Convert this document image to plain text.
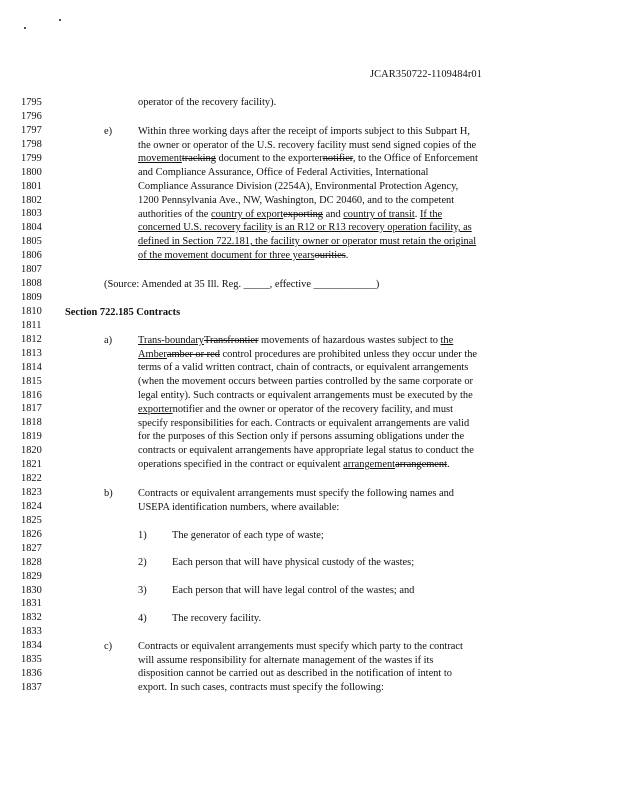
JCAR350722-1109484r01
1795
1796
1797
1798
1799
1800
1801
1802
1803
1804
1805
1806
1807
1808
1809
1810
1811
1812
1813
1814
1815
1816
1817
1818
1819
1820
1821
1822
1823
1824
1825
1826
1827
1828
1829
1830
1831
1832
1833
1834
1835
1836
1837
operator of the recovery facility).
e) Within three working days after the receipt of imports subject to this Subpart H,
the owner or operator of the U.S. recovery facility must send signed copies of the
movementtracking document to the exporternotifier, to the Office of Enforcement
and Compliance Assurance, Office of Federal Activities, International
Compliance Assurance Division (2254A), Environmental Protection Agency,
1200 Pennsylvania Ave., NW, Washington, DC 20460, and to the competent
authorities of the country of exportexporting and country of transit. If the
concerned U.S. recovery facility is an R12 or R13 recovery operation facility, as
defined in Section 722.181, the facility owner or operator must retain the original
of the movement document for three yearsourities.
(Source: Amended at 35 Ill. Reg. _____, effective ____________)
Section 722.185 Contracts
a) Trans-boundaryTransfrontier movements of hazardous wastes subject to the
Amberamber or red control procedures are prohibited unless they occur under the
terms of a valid written contract, chain of contracts, or equivalent arrangements
(when the movement occurs between parties controlled by the same corporate or
legal entity). Such contracts or equivalent arrangements must be executed by the
exporternotifier and the owner or operator of the recovery facility, and must
specify responsibilities for each. Contracts or equivalent arrangements are valid
for the purposes of this Section only if persons assuming obligations under the
contracts or equivalent arrangements have appropriate legal status to conduct the
operations specified in the contract or equivalent arrangementarrangement.
b) Contracts or equivalent arrangements must specify the following names and
USEPA identification numbers, where available:
1) The generator of each type of waste;
2) Each person that will have physical custody of the wastes;
3) Each person that will have legal control of the wastes; and
4) The recovery facility.
c) Contracts or equivalent arrangements must specify which party to the contract
will assume responsibility for alternate management of the wastes if its
disposition cannot be carried out as described in the notification of intent to
export. In such cases, contracts must specify the following:
